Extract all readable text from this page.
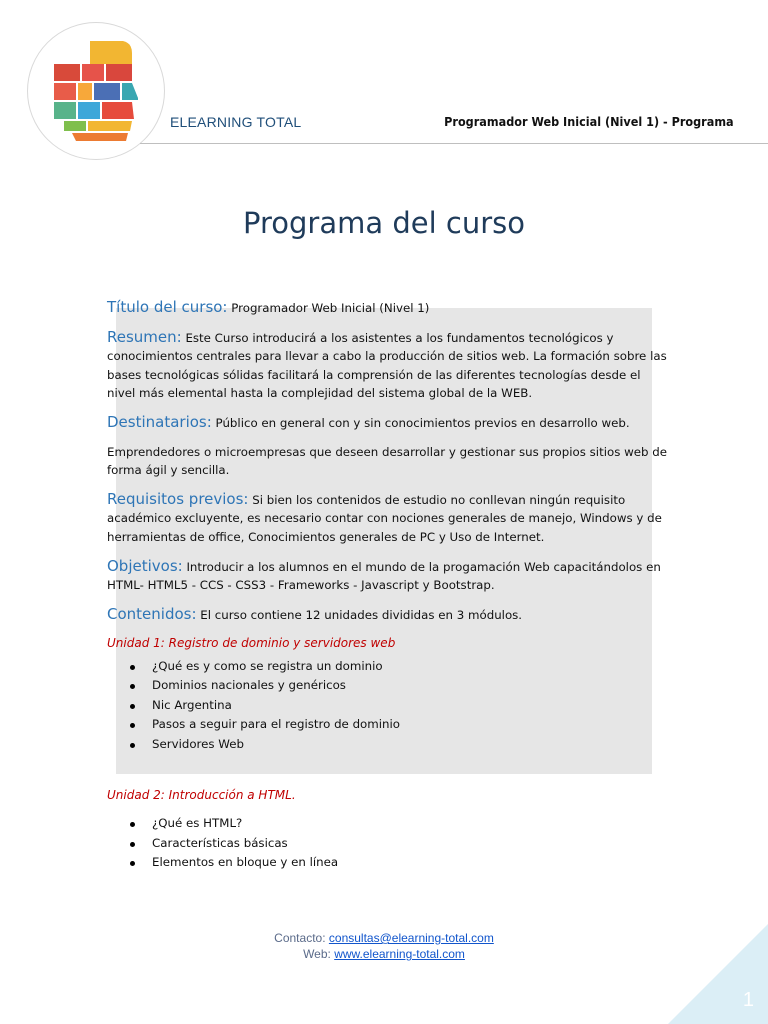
ELEARNING TOTAL	Programador Web Inicial (Nivel 1) - Programa
Programa del curso

Título del curso: Programador Web Inicial (Nivel 1)

Resumen: Este Curso introducirá a los asistentes a los fundamentos tecnológicos y conocimientos centrales para llevar a cabo la producción de sitios web. La formación sobre las bases tecnológicas sólidas facilitará la comprensión de las diferentes tecnologías desde el nivel más elemental hasta la complejidad del sistema global de la WEB.

Destinatarios: Público en general con y sin conocimientos previos en desarrollo web.

Emprendedores o microempresas que deseen desarrollar y gestionar sus propios sitios web de forma ágil y sencilla.

Requisitos previos: Si bien los contenidos de estudio no conllevan ningún requisito académico excluyente, es necesario contar con nociones generales de manejo, Windows y de herramientas de office, Conocimientos generales de PC y Uso de Internet.

Objetivos: Introducir a los alumnos en el mundo de la progamación Web capacitándolos en HTML- HTML5 - CCS - CSS3 - Frameworks - Javascript y Bootstrap.

Contenidos: El curso contiene 12 unidades divididas en 3 módulos.

Unidad 1: Registro de dominio y servidores web

¿Qué es y como se registra un dominio
Dominios nacionales y genéricos
Nic Argentina
Pasos a seguir para el registro de dominio
Servidores Web

Unidad 2: Introducción a HTML.

¿Qué es HTML?
Características básicas
Elementos en bloque y en línea
Contacto: consultas@elearning-total.com
Web: www.elearning-total.com
1
